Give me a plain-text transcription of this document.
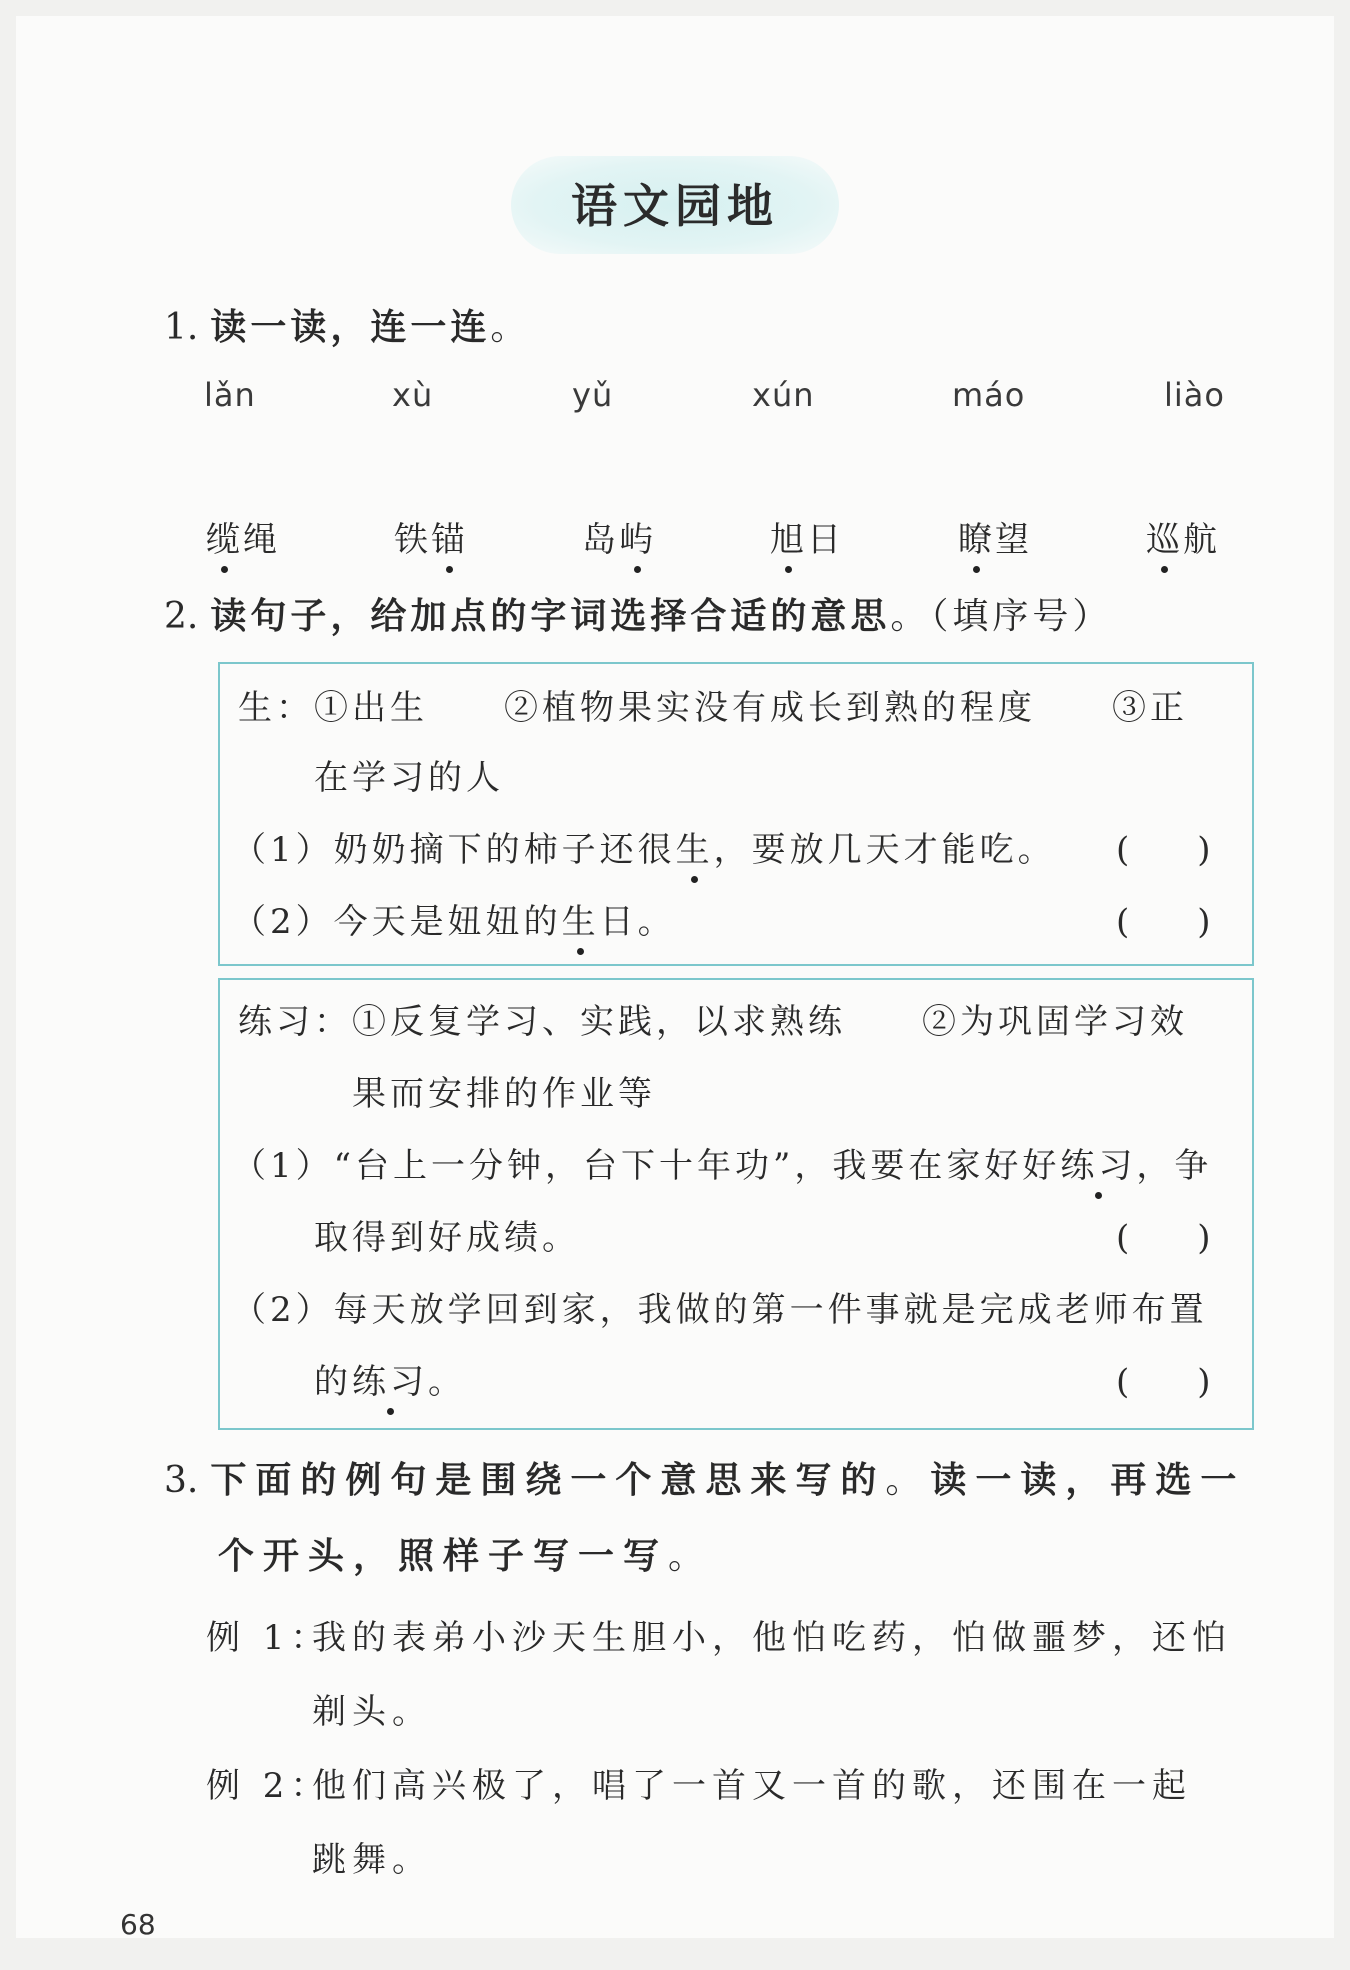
语文园地
1. 读一读，连一连。
lǎn	xù	yǔ	xún	máo	liào
缆绳	铁锚	岛屿	旭日	瞭望	巡航
2. 读句子，给加点的字词选择合适的意思。（填序号）
生：①出生　　②植物果实没有成长到熟的程度　　③正
在学习的人
（1）奶奶摘下的柿子还很生，要放几天才能吃。 (　　)
（2）今天是妞妞的生日。	(　　)
练习：①反复学习、实践，以求熟练　　②为巩固学习效
果而安排的作业等
（1）“台上一分钟，台下十年功”，我要在家好好练习，争
取得到好成绩。	(　　)
（2）每天放学回到家，我做的第一件事就是完成老师布置
的练习。	(　　)
3. 下面的例句是围绕一个意思来写的。读一读，再选一
个开头，照样子写一写。
例 1：
我的表弟小沙天生胆小，他怕吃药，怕做噩梦，还怕
剃头。
例 2：
他们高兴极了，唱了一首又一首的歌，还围在一起
跳舞。
68
